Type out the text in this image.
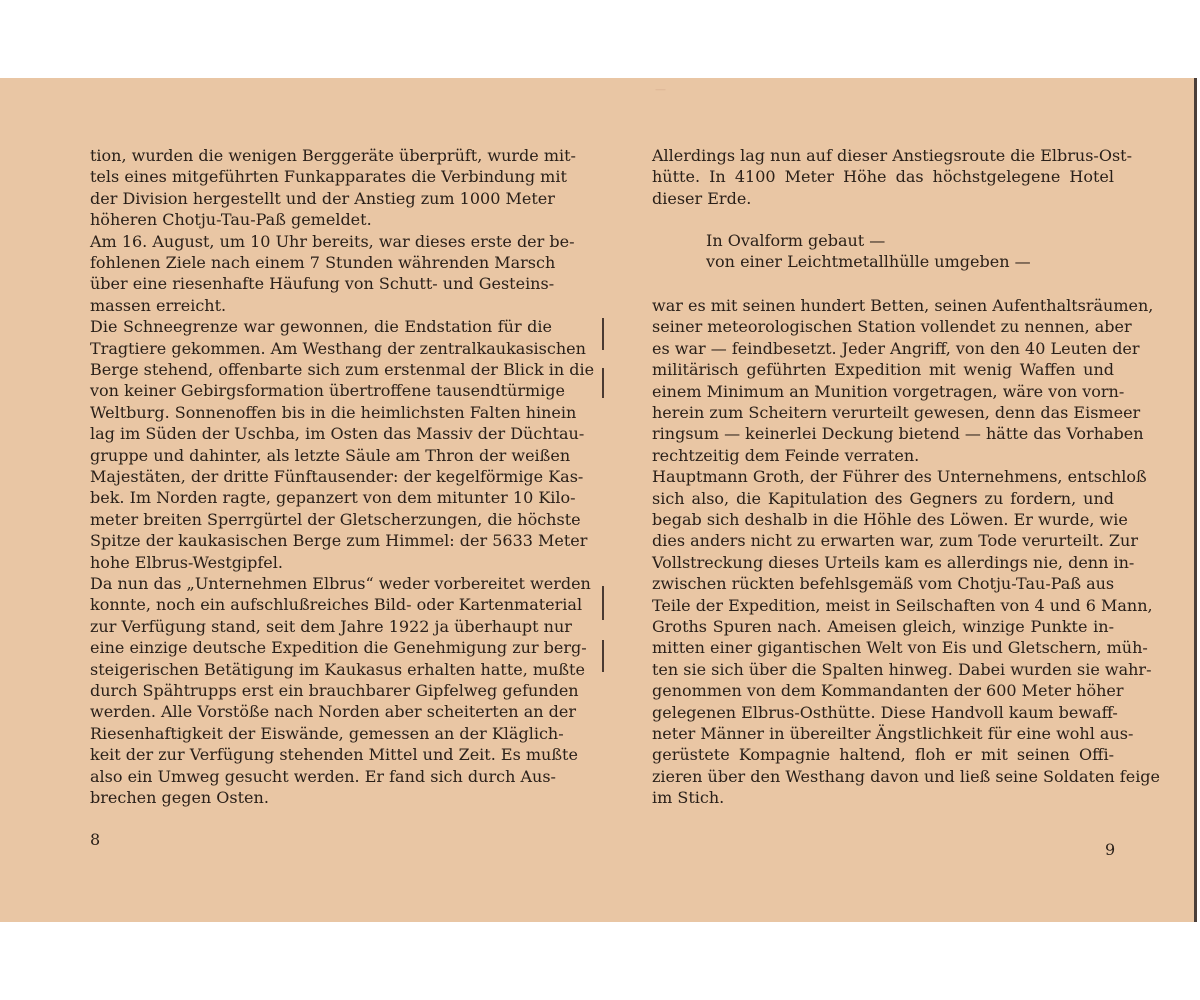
tion, wurden die wenigen Berggeräte überprüft, wurde mit-
tels eines mitgeführten Funkapparates die Verbindung mit
der Division hergestellt und der Anstieg zum 1000 Meter
höheren Chotju-Tau-Paß gemeldet.
Am 16. August, um 10 Uhr bereits, war dieses erste der be-
fohlenen Ziele nach einem 7 Stunden währenden Marsch
über eine riesenhafte Häufung von Schutt- und Gesteins-
massen erreicht.
Die Schneegrenze war gewonnen, die Endstation für die
Tragtiere gekommen. Am Westhang der zentralkaukasischen
Berge stehend, offenbarte sich zum erstenmal der Blick in die
von keiner Gebirgsformation übertroffene tausendtürmige
Weltburg. Sonnenoffen bis in die heimlichsten Falten hinein
lag im Süden der Uschba, im Osten das Massiv der Düchtau-
gruppe und dahinter, als letzte Säule am Thron der weißen
Majestäten, der dritte Fünftausender: der kegelförmige Kas-
bek. Im Norden ragte, gepanzert von dem mitunter 10 Kilo-
meter breiten Sperrgürtel der Gletscherzungen, die höchste
Spitze der kaukasischen Berge zum Himmel: der 5633 Meter
hohe Elbrus-Westgipfel.
Da nun das „Unternehmen Elbrus“ weder vorbereitet werden
konnte, noch ein aufschlußreiches Bild- oder Kartenmaterial
zur Verfügung stand, seit dem Jahre 1922 ja überhaupt nur
eine einzige deutsche Expedition die Genehmigung zur berg-
steigerischen Betätigung im Kaukasus erhalten hatte, mußte
durch Spähtrupps erst ein brauchbarer Gipfelweg gefunden
werden. Alle Vorstöße nach Norden aber scheiterten an der
Riesenhaftigkeit der Eiswände, gemessen an der Kläglich-
keit der zur Verfügung stehenden Mittel und Zeit. Es mußte
also ein Umweg gesucht werden. Er fand sich durch Aus-
brechen gegen Osten.
Allerdings lag nun auf dieser Anstiegsroute die Elbrus-Ost-
hütte. In 4100 Meter Höhe das höchstgelegene Hotel
dieser Erde.
In Ovalform gebaut —
von einer Leichtmetallhülle umgeben —
war es mit seinen hundert Betten, seinen Aufenthaltsräumen,
seiner meteorologischen Station vollendet zu nennen, aber
es war — feindbesetzt. Jeder Angriff, von den 40 Leuten der
militärisch geführten Expedition mit wenig Waffen und
einem Minimum an Munition vorgetragen, wäre von vorn-
herein zum Scheitern verurteilt gewesen, denn das Eismeer
ringsum — keinerlei Deckung bietend — hätte das Vorhaben
rechtzeitig dem Feinde verraten.
Hauptmann Groth, der Führer des Unternehmens, entschloß
sich also, die Kapitulation des Gegners zu fordern, und
begab sich deshalb in die Höhle des Löwen. Er wurde, wie
dies anders nicht zu erwarten war, zum Tode verurteilt. Zur
Vollstreckung dieses Urteils kam es allerdings nie, denn in-
zwischen rückten befehlsgemäß vom Chotju-Tau-Paß aus
Teile der Expedition, meist in Seilschaften von 4 und 6 Mann,
Groths Spuren nach. Ameisen gleich, winzige Punkte in-
mitten einer gigantischen Welt von Eis und Gletschern, müh-
ten sie sich über die Spalten hinweg. Dabei wurden sie wahr-
genommen von dem Kommandanten der 600 Meter höher
gelegenen Elbrus-Osthütte. Diese Handvoll kaum bewaff-
neter Männer in übereilter Ängstlichkeit für eine wohl aus-
gerüstete Kompagnie haltend, floh er mit seinen Offi-
zieren über den Westhang davon und ließ seine Soldaten feige
im Stich.
8
9
—
